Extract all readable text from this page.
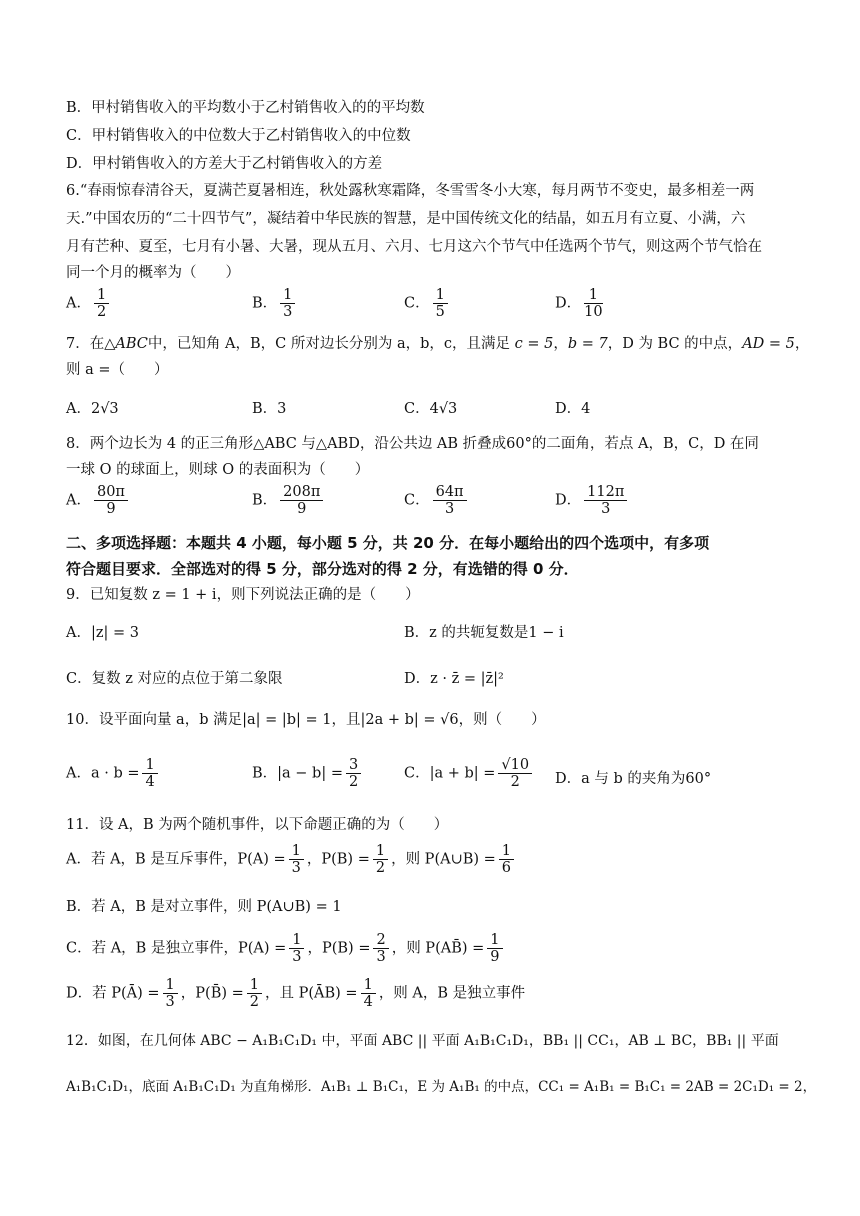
B．甲村销售收入的平均数小于乙村销售收入的的平均数
C．甲村销售收入的中位数大于乙村销售收入的中位数
D．甲村销售收入的方差大于乙村销售收入的方差
6.“春雨惊春清谷天，夏满芒夏暑相连，秋处露秋寒霜降，冬雪雪冬小大寒，每月两节不变史，最多相差一两
天.”中国农历的“二十四节气”，凝结着中华民族的智慧，是中国传统文化的结晶，如五月有立夏、小满，六
月有芒种、夏至，七月有小暑、大暑，现从五月、六月、七月这六个节气中任选两个节气，则这两个节气恰在
同一个月的概率为（　　）
A． $\frac{1}{2}$	B． $\frac{1}{3}$	C． $\frac{1}{5}$	D． $\frac{1}{10}$
7．在△ABC中，已知角 A，B，C 所对边长分别为 a，b，c，且满足 c = 5，b = 7，D 为 BC 的中点，AD = 5，
则 a =（　　）
A．2√3	B．3	C．4√3	D．4
8．两个边长为 4 的正三角形△ABC 与△ABD，沿公共边 AB 折叠成60°的二面角，若点 A，B，C，D 在同
一球 O 的球面上，则球 O 的表面积为（　　）
A． $\frac{80\pi}{9}$	B． $\frac{208\pi}{9}$	C． $\frac{64\pi}{3}$	D． $\frac{112\pi}{3}$
二、多项选择题：本题共 4 小题，每小题 5 分，共 20 分．在每小题给出的四个选项中，有多项
符合题目要求．全部选对的得 5 分，部分选对的得 2 分，有选错的得 0 分．
9．已知复数 z = 1 + i，则下列说法正确的是（　　）
A．|z| = 3	B．z 的共轭复数是1 − i
C．复数 z 对应的点位于第二象限	D．z · z̄ = |z̄|²
10．设平面向量 a，b 满足|a| = |b| = 1，且|2a + b| = √6，则（　　）
A．$a \cdot b = \frac{1}{4}$	B．$|a - b| = \frac{3}{2}$	C．$|a + b| = \frac{√10}{2}$ D．a 与 b 的夹角为60°
11．设 A，B 为两个随机事件，以下命题正确的为（　　）
A．若 A，B 是互斥事件，$P(A) = \frac{1}{3}$ ，$P(B) = \frac{1}{2}$ ，则 P(A∪B) = $\frac{1}{6}$
B．若 A，B 是对立事件，则 P(A∪B) = 1
C．若 A，B 是独立事件，$P(A) = \frac{1}{3}$ ，$P(B) = \frac{2}{3}$ ，则 P(AB̄) = $\frac{1}{9}$
D．若 P(Ā) = $\frac{1}{3}$ ，P(B̄) = $\frac{1}{2}$ ，且 P(ĀB) = $\frac{1}{4}$ ，则 A，B 是独立事件
12．如图，在几何体 ABC − A₁B₁C₁D₁ 中，平面 ABC || 平面 A₁B₁C₁D₁，BB₁ || CC₁，AB ⊥ BC，BB₁ || 平面
A₁B₁C₁D₁，底面 A₁B₁C₁D₁ 为直角梯形．A₁B₁ ⊥ B₁C₁，E 为 A₁B₁ 的中点，CC₁ = A₁B₁ = B₁C₁ = 2AB = 2C₁D₁ = 2，
